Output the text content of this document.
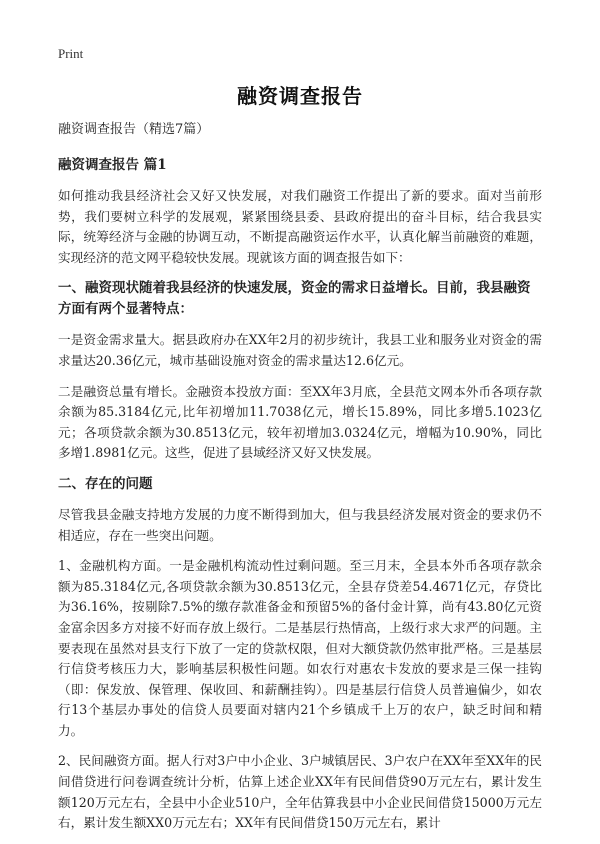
Print
融资调查报告
融资调查报告（精选7篇）
融资调查报告 篇1

如何推动我县经济社会又好又快发展，对我们融资工作提出了新的要求。面对当前形势，我们要树立科学的发展观，紧紧围绕县委、县政府提出的奋斗目标，结合我县实际，统筹经济与金融的协调互动，不断提高融资运作水平，认真化解当前融资的难题，实现经济的范文网平稳较快发展。现就该方面的调查报告如下：

一、融资现状随着我县经济的快速发展，资金的需求日益增长。目前，我县融资方面有两个显著特点：

一是资金需求量大。据县政府办在XX年2月的初步统计，我县工业和服务业对资金的需求量达20.36亿元，城市基础设施对资金的需求量达12.6亿元。

二是融资总量有增长。金融资本投放方面：至XX年3月底，全县范文网本外币各项存款余额为85.3184亿元,比年初增加11.7038亿元，增长15.89%，同比多增5.1023亿元；各项贷款余额为30.8513亿元，较年初增加3.0324亿元，增幅为10.90%，同比多增1.8981亿元。这些，促进了县域经济又好又快发展。

二、存在的问题

尽管我县金融支持地方发展的力度不断得到加大，但与我县经济发展对资金的要求仍不相适应，存在一些突出问题。

1、金融机构方面。一是金融机构流动性过剩问题。至三月末，全县本外币各项存款余额为85.3184亿元,各项贷款余额为30.8513亿元，全县存贷差54.4671亿元，存贷比为36.16%，按剔除7.5%的缴存款准备金和预留5%的备付金计算，尚有43.80亿元资金富余因多方对接不好而存放上级行。二是基层行热情高，上级行求大求严的问题。主要表现在虽然对县支行下放了一定的贷款权限，但对大额贷款仍然审批严格。三是基层行信贷考核压力大，影响基层积极性问题。如农行对惠农卡发放的要求是三保一挂钩（即：保发放、保管理、保收回、和薪酬挂钩）。四是基层行信贷人员普遍偏少，如农行13个基层办事处的信贷人员要面对辖内21个乡镇成千上万的农户，缺乏时间和精力。

2、民间融资方面。据人行对3户中小企业、3户城镇居民、3户农户在XX年至XX年的民间借贷进行问卷调查统计分析，估算上述企业XX年有民间借贷90万元左右，累计发生额120万元左右，全县中小企业510户，全年估算我县中小企业民间借贷15000万元左右，累计发生额XX0万元左右；XX年有民间借贷150万元左右，累计
